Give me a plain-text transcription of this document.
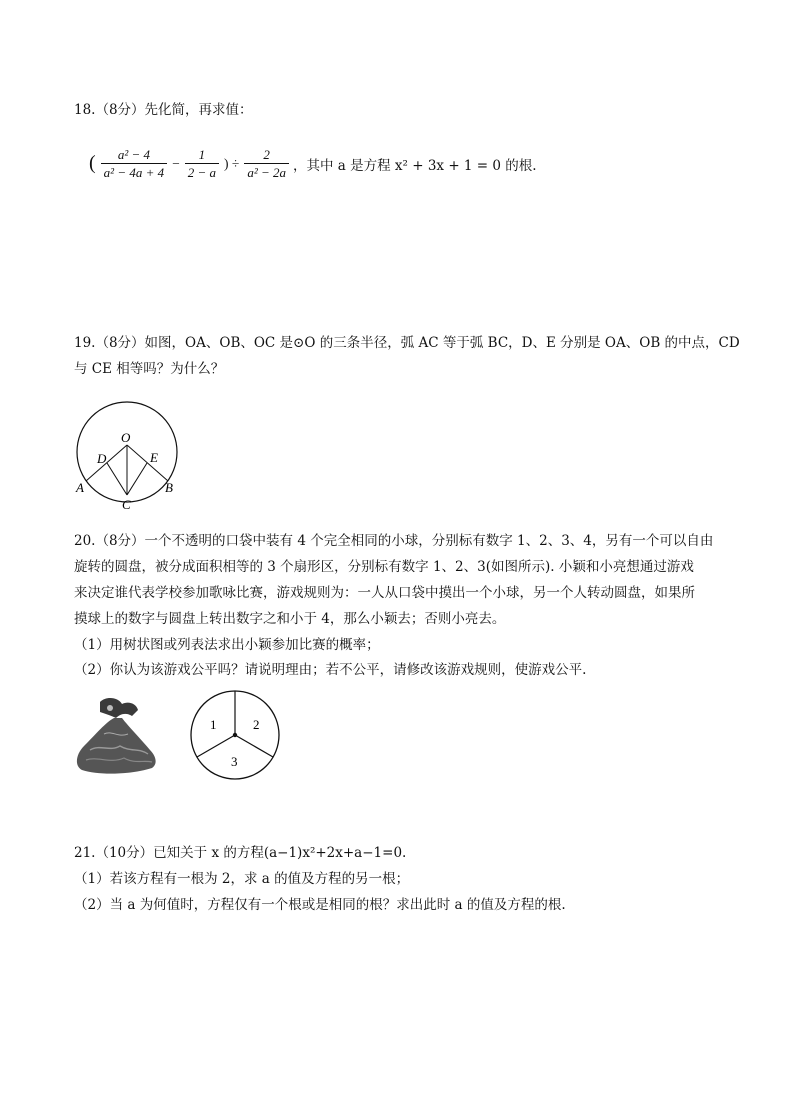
18.（8分）先化简，再求值：
( $\frac{\text{a² − 4}}{\text{a² − 4a + 4}} - \frac{1}{2 - a}$ ) ÷ $\frac{2}{\text{a² − 2a}}$ ，其中 a 是方程 x² + 3x + 1 = 0 的根.
19.（8分）如图，OA、OB、OC 是⊙O 的三条半径，弧 AC 等于弧 BC，D、E 分别是 OA、OB 的中点，CD
与 CE 相等吗？为什么？
O
D	E
A	B
C
20.（8分）一个不透明的口袋中装有 4 个完全相同的小球，分别标有数字 1、2、3、4，另有一个可以自由
旋转的圆盘，被分成面积相等的 3 个扇形区，分别标有数字 1、2、3(如图所示). 小颖和小亮想通过游戏
来决定谁代表学校参加歌咏比赛，游戏规则为：一人从口袋中摸出一个小球，另一个人转动圆盘，如果所
摸球上的数字与圆盘上转出数字之和小于 4，那么小颖去；否则小亮去。
（1）用树状图或列表法求出小颖参加比赛的概率；
（2）你认为该游戏公平吗？请说明理由；若不公平，请修改该游戏规则，使游戏公平.
1	2
3
21.（10分）已知关于 x 的方程(a−1)x²+2x+a−1=0.
（1）若该方程有一根为 2，求 a 的值及方程的另一根；
（2）当 a 为何值时，方程仅有一个根或是相同的根？求出此时 a 的值及方程的根.
